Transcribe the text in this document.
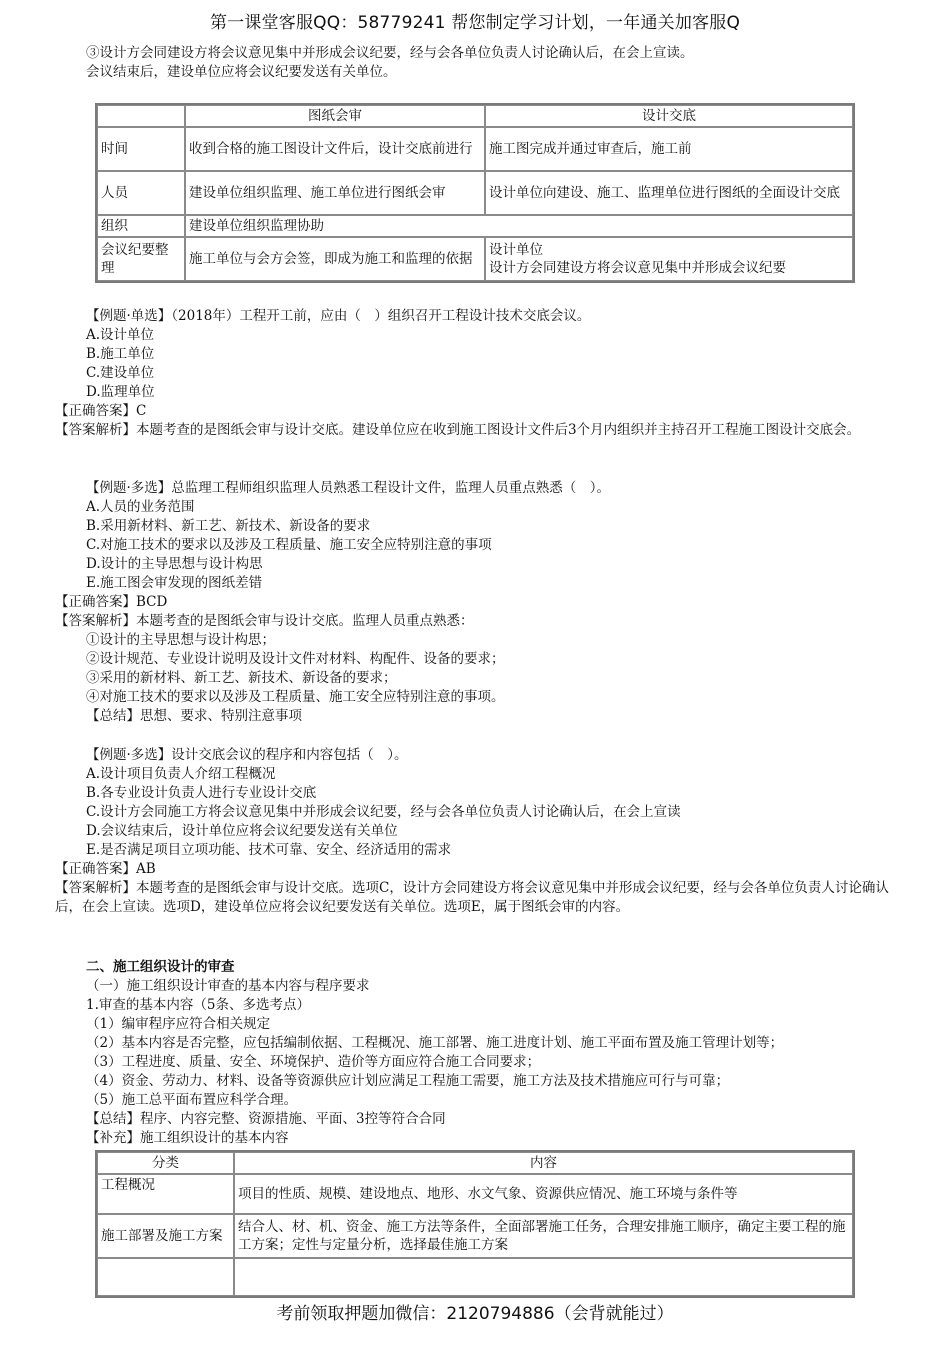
第一课堂客服QQ：58779241 帮您制定学习计划，一年通关加客服Q
③设计方会同建设方将会议意见集中并形成会议纪要，经与会各单位负责人讨论确认后，在会上宣读。
会议结束后，建设单位应将会议纪要发送有关单位。
	图纸会审	设计交底
时间	收到合格的施工图设计文件后，设计交底前进行	施工图完成并通过审查后，施工前
人员	建设单位组织监理、施工单位进行图纸会审	设计单位向建设、施工、监理单位进行图纸的全面设计交底
组织	建设单位组织监理协助	
会议纪要整理	施工单位与会方会签，即成为施工和监理的依据	设计单位
设计方会同建设方将会议意见集中并形成会议纪要
【例题·单选】（2018年）工程开工前，应由（　）组织召开工程设计技术交底会议。
A.设计单位
B.施工单位
C.建设单位
D.监理单位
【正确答案】C
【答案解析】本题考查的是图纸会审与设计交底。建设单位应在收到施工图设计文件后3个月内组织并主持召开工程施工图设计交底会。
【例题·多选】总监理工程师组织监理人员熟悉工程设计文件，监理人员重点熟悉（　）。
A.人员的业务范围
B.采用新材料、新工艺、新技术、新设备的要求
C.对施工技术的要求以及涉及工程质量、施工安全应特别注意的事项
D.设计的主导思想与设计构思
E.施工图会审发现的图纸差错
【正确答案】BCD
【答案解析】本题考查的是图纸会审与设计交底。监理人员重点熟悉：
①设计的主导思想与设计构思；
②设计规范、专业设计说明及设计文件对材料、构配件、设备的要求；
③采用的新材料、新工艺、新技术、新设备的要求；
④对施工技术的要求以及涉及工程质量、施工安全应特别注意的事项。
【总结】思想、要求、特别注意事项
【例题·多选】设计交底会议的程序和内容包括（　）。
A.设计项目负责人介绍工程概况
B.各专业设计负责人进行专业设计交底
C.设计方会同施工方将会议意见集中并形成会议纪要，经与会各单位负责人讨论确认后，在会上宣读
D.会议结束后，设计单位应将会议纪要发送有关单位
E.是否满足项目立项功能、技术可靠、安全、经济适用的需求
【正确答案】AB
【答案解析】本题考查的是图纸会审与设计交底。选项C，设计方会同建设方将会议意见集中并形成会议纪要，经与会各单位负责人讨论确认后，在会上宣读。选项D，建设单位应将会议纪要发送有关单位。选项E，属于图纸会审的内容。
二、施工组织设计的审查
（一）施工组织设计审查的基本内容与程序要求
1.审查的基本内容（5条、多选考点）
（1）编审程序应符合相关规定
（2）基本内容是否完整，应包括编制依据、工程概况、施工部署、施工进度计划、施工平面布置及施工管理计划等；
（3）工程进度、质量、安全、环境保护、造价等方面应符合施工合同要求；
（4）资金、劳动力、材料、设备等资源供应计划应满足工程施工需要，施工方法及技术措施应可行与可靠；
（5）施工总平面布置应科学合理。
【总结】程序、内容完整、资源措施、平面、3控等符合合同
【补充】施工组织设计的基本内容
分类	内容
工程概况	项目的性质、规模、建设地点、地形、水文气象、资源供应情况、施工环境与条件等
施工部署及施工方案	结合人、材、机、资金、施工方法等条件，全面部署施工任务，合理安排施工顺序，确定主要工程的施工方案；定性与定量分析，选择最佳施工方案

考前领取押题加微信：2120794886（会背就能过）
